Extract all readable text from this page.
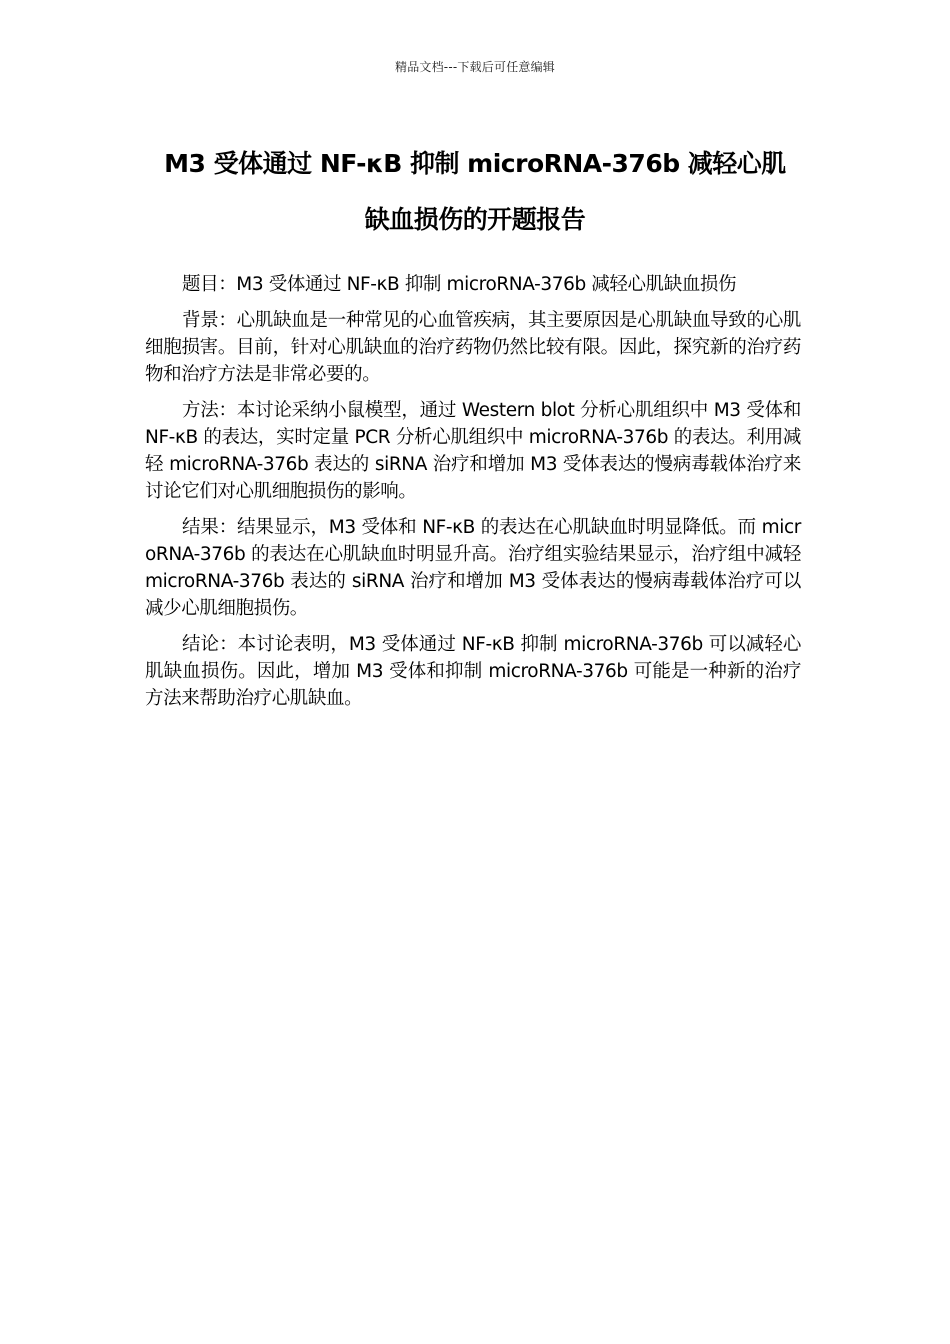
精品文档---下载后可任意编辑
M3 受体通过 NF-κB 抑制 microRNA-376b 减轻心肌
缺血损伤的开题报告

题目：M3 受体通过 NF-κB 抑制 microRNA-376b 减轻心肌缺血损伤

背景：心肌缺血是一种常见的心血管疾病，其主要原因是心肌缺血导致的心肌细胞损害。目前，针对心肌缺血的治疗药物仍然比较有限。因此，探究新的治疗药物和治疗方法是非常必要的。

方法：本讨论采纳小鼠模型，通过 Western blot 分析心肌组织中 M3 受体和 NF-κB 的表达，实时定量 PCR 分析心肌组织中 microRNA-376b 的表达。利用减轻 microRNA-376b 表达的 siRNA 治疗和增加 M3 受体表达的慢病毒载体治疗来讨论它们对心肌细胞损伤的影响。

结果：结果显示，M3 受体和 NF-κB 的表达在心肌缺血时明显降低。而 microRNA-376b 的表达在心肌缺血时明显升高。治疗组实验结果显示，治疗组中减轻 microRNA-376b 表达的 siRNA 治疗和增加 M3 受体表达的慢病毒载体治疗可以减少心肌细胞损伤。

结论：本讨论表明，M3 受体通过 NF-κB 抑制 microRNA-376b 可以减轻心肌缺血损伤。因此，增加 M3 受体和抑制 microRNA-376b 可能是一种新的治疗方法来帮助治疗心肌缺血。
